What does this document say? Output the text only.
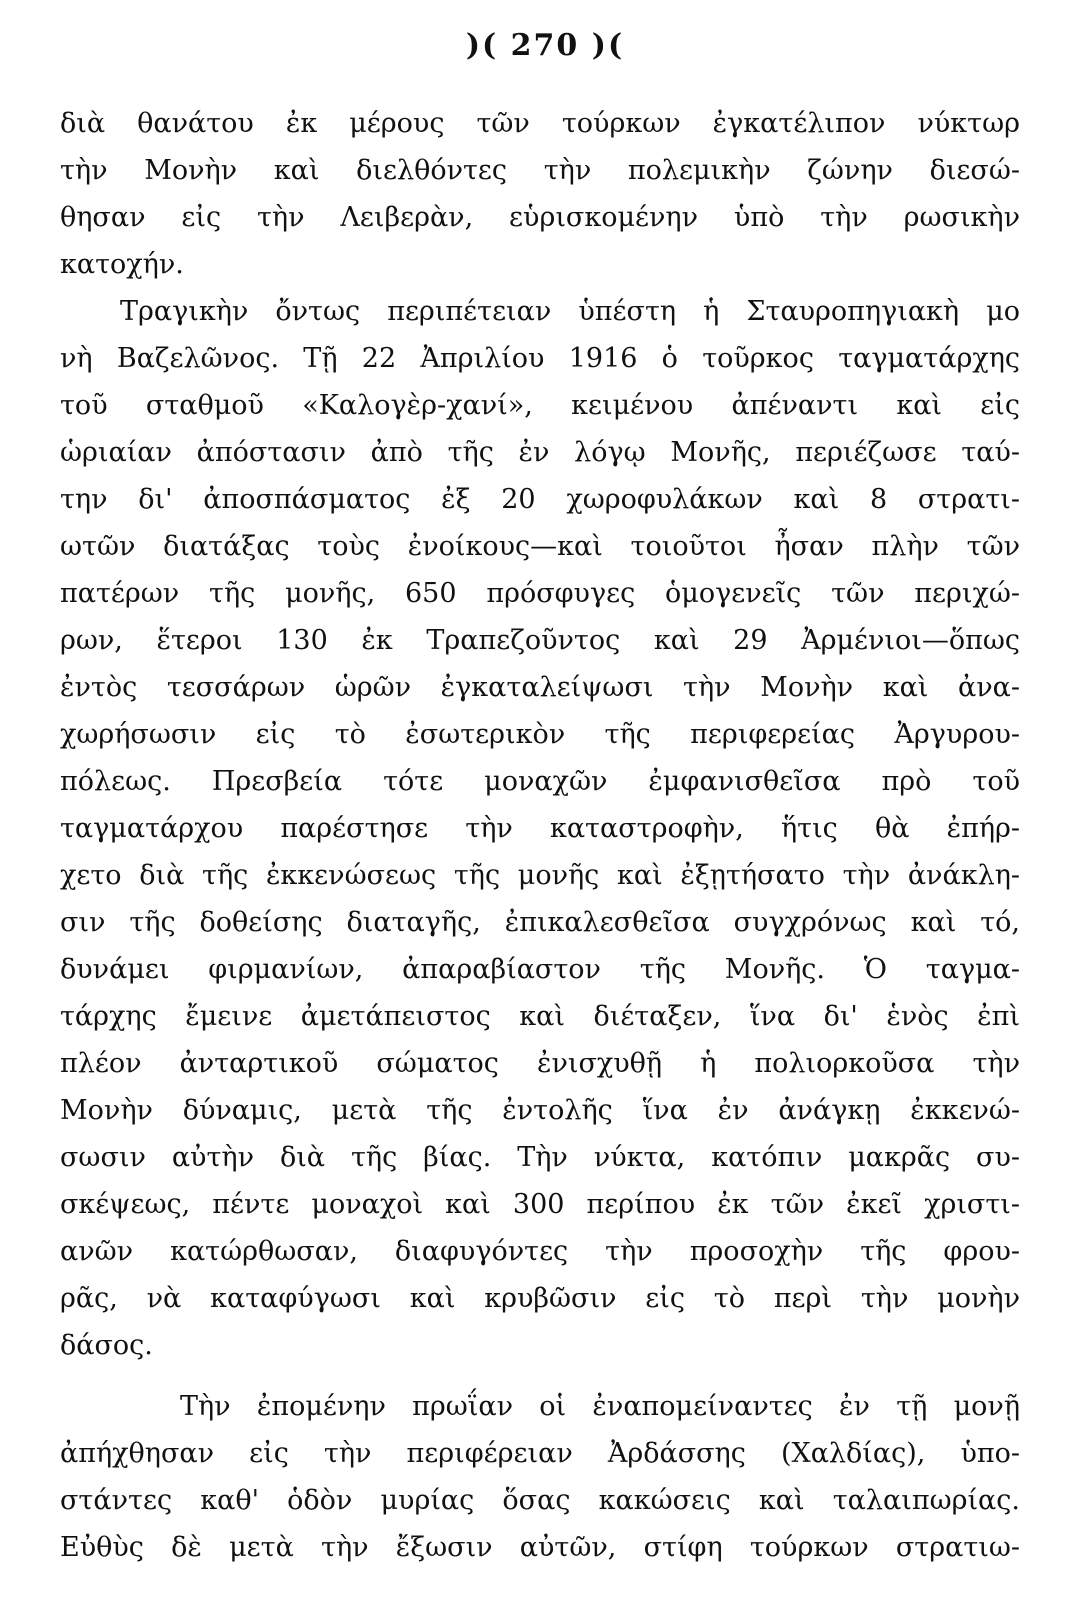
)( 270 )(
διὰ θανάτου ἐκ μέρους τῶν τούρκων ἐγκατέλιπον νύκτωρ
τὴν Μονὴν καὶ διελθόντες τὴν πολεμικὴν ζώνην διεσώ-
θησαν εἰς τὴν Λειβερὰν, εὑρισκομένην ὑπὸ τὴν ρωσικὴν
κατοχήν.
Τραγικὴν ὄντως περιπέτειαν ὑπέστη ἡ Σταυροπηγιακὴ μο
νὴ Βαζελῶνος. Τῇ 22 Ἀπριλίου 1916 ὁ τοῦρκος ταγματάρχης
τοῦ σταθμοῦ «Καλογὲρ-χανί», κειμένου ἀπέναντι καὶ εἰς
ὡριαίαν ἀπόστασιν ἀπὸ τῆς ἐν λόγῳ Μονῆς, περιέζωσε ταύ-
την δι' ἀποσπάσματος ἐξ 20 χωροφυλάκων καὶ 8 στρατι-
ωτῶν διατάξας τοὺς ἐνοίκους—καὶ τοιοῦτοι ἦσαν πλὴν τῶν
πατέρων τῆς μονῆς, 650 πρόσφυγες ὁμογενεῖς τῶν περιχώ-
ρων, ἕτεροι 130 ἐκ Τραπεζοῦντος καὶ 29 Ἀρμένιοι—ὅπως
ἐντὸς τεσσάρων ὡρῶν ἐγκαταλείψωσι τὴν Μονὴν καὶ ἀνα-
χωρήσωσιν εἰς τὸ ἐσωτερικὸν τῆς περιφερείας Ἀργυρου-
πόλεως. Πρεσβεία τότε μοναχῶν ἐμφανισθεῖσα πρὸ τοῦ
ταγματάρχου παρέστησε τὴν καταστροφὴν, ἥτις θὰ ἐπήρ-
χετο διὰ τῆς ἐκκενώσεως τῆς μονῆς καὶ ἐξῃτήσατο τὴν ἀνάκλη-
σιν τῆς δοθείσης διαταγῆς, ἐπικαλεσθεῖσα συγχρόνως καὶ τό,
δυνάμει φιρμανίων, ἀπαραβίαστον τῆς Μονῆς. Ὁ ταγμα-
τάρχης ἔμεινε ἀμετάπειστος καὶ διέταξεν, ἵνα δι' ἑνὸς ἐπὶ
πλέον ἀνταρτικοῦ σώματος ἐνισχυθῇ ἡ πολιορκοῦσα τὴν
Μονὴν δύναμις, μετὰ τῆς ἐντολῆς ἵνα ἐν ἀνάγκῃ ἐκκενώ-
σωσιν αὐτὴν διὰ τῆς βίας. Τὴν νύκτα, κατόπιν μακρᾶς συ-
σκέψεως, πέντε μοναχοὶ καὶ 300 περίπου ἐκ τῶν ἐκεῖ χριστι-
ανῶν κατώρθωσαν, διαφυγόντες τὴν προσοχὴν τῆς φρου-
ρᾶς, νὰ καταφύγωσι καὶ κρυβῶσιν εἰς τὸ περὶ τὴν μονὴν
δάσος.
Τὴν ἐπομένην πρωΐαν οἱ ἐναπομείναντες ἐν τῇ μονῇ
ἀπήχθησαν εἰς τὴν περιφέρειαν Ἀρδάσσης (Χαλδίας), ὑπο-
στάντες καθ' ὁδὸν μυρίας ὅσας κακώσεις καὶ ταλαιπωρίας.
Εὐθὺς δὲ μετὰ τὴν ἔξωσιν αὐτῶν, στίφη τούρκων στρατιω-
